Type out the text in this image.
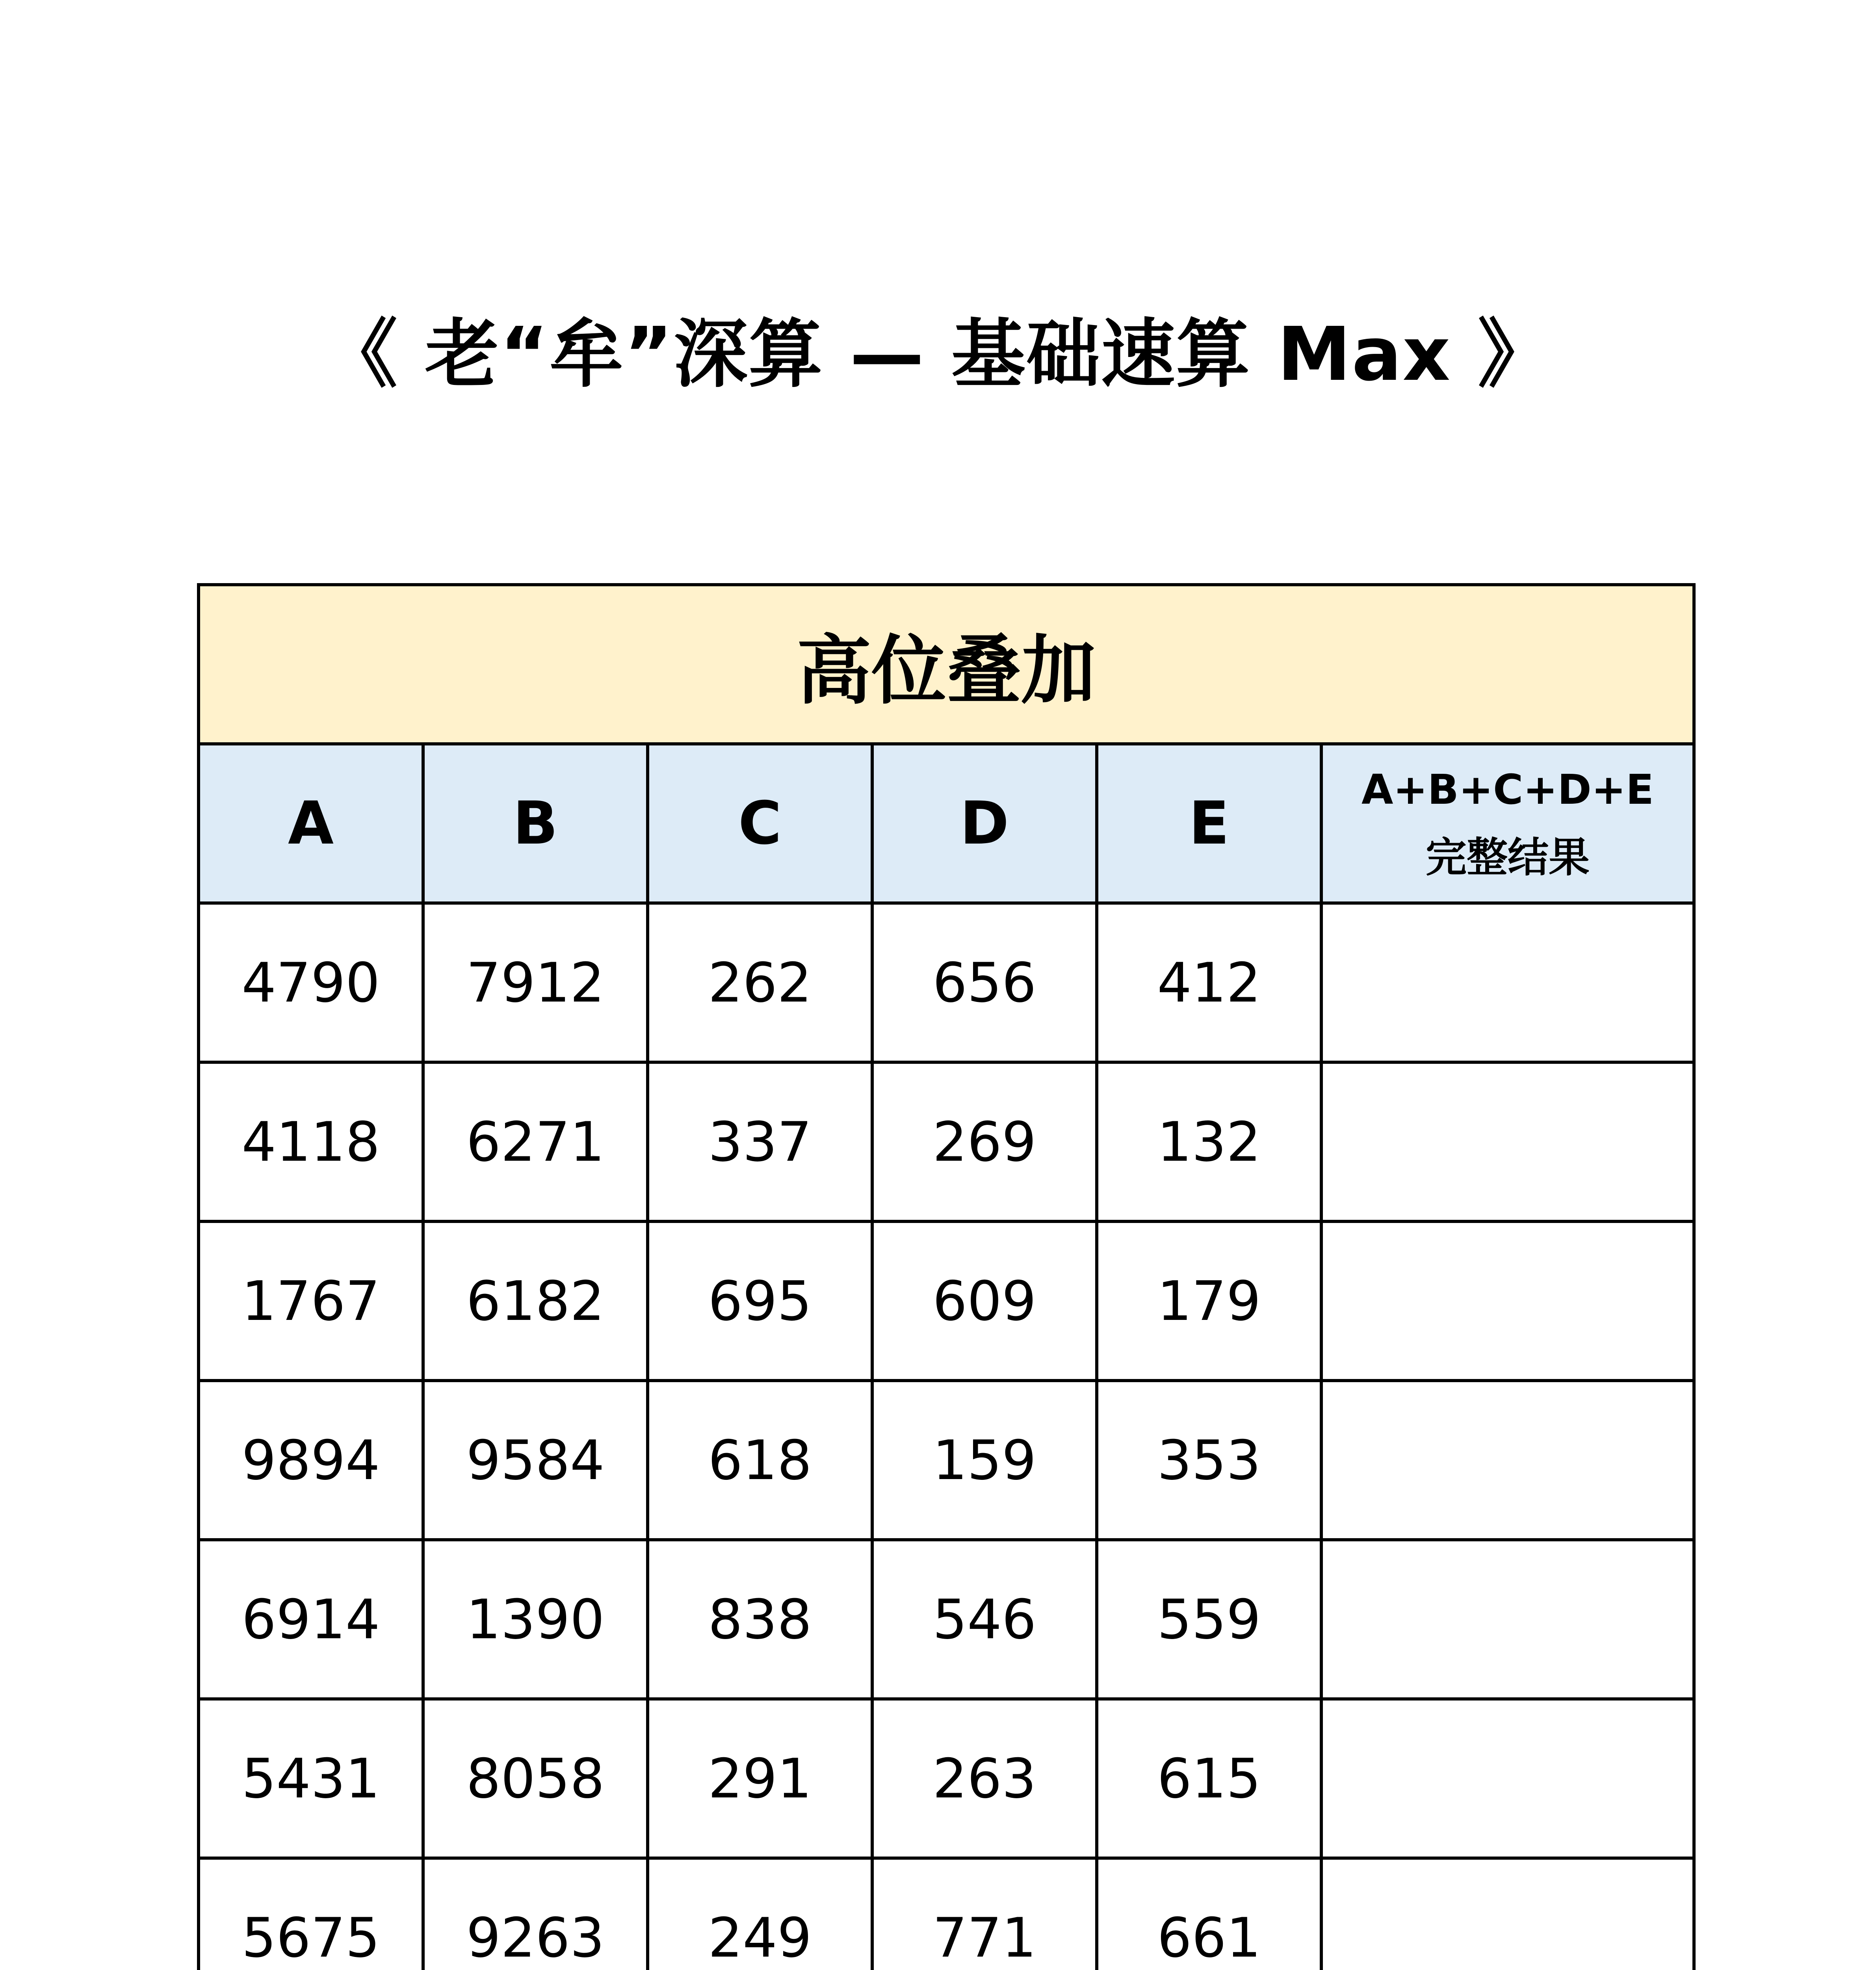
《 老“牟”深算 — 基础速算 Max 》
高位叠加					
A	B	C	D	E	A+B+C+D+E
完整结果

4790	7912	262	656	412	
4118	6271	337	269	132	
1767	6182	695	609	179	
9894	9584	618	159	353	
6914	1390	838	546	559	
5431	8058	291	263	615	
5675	9263	249	771	661	
